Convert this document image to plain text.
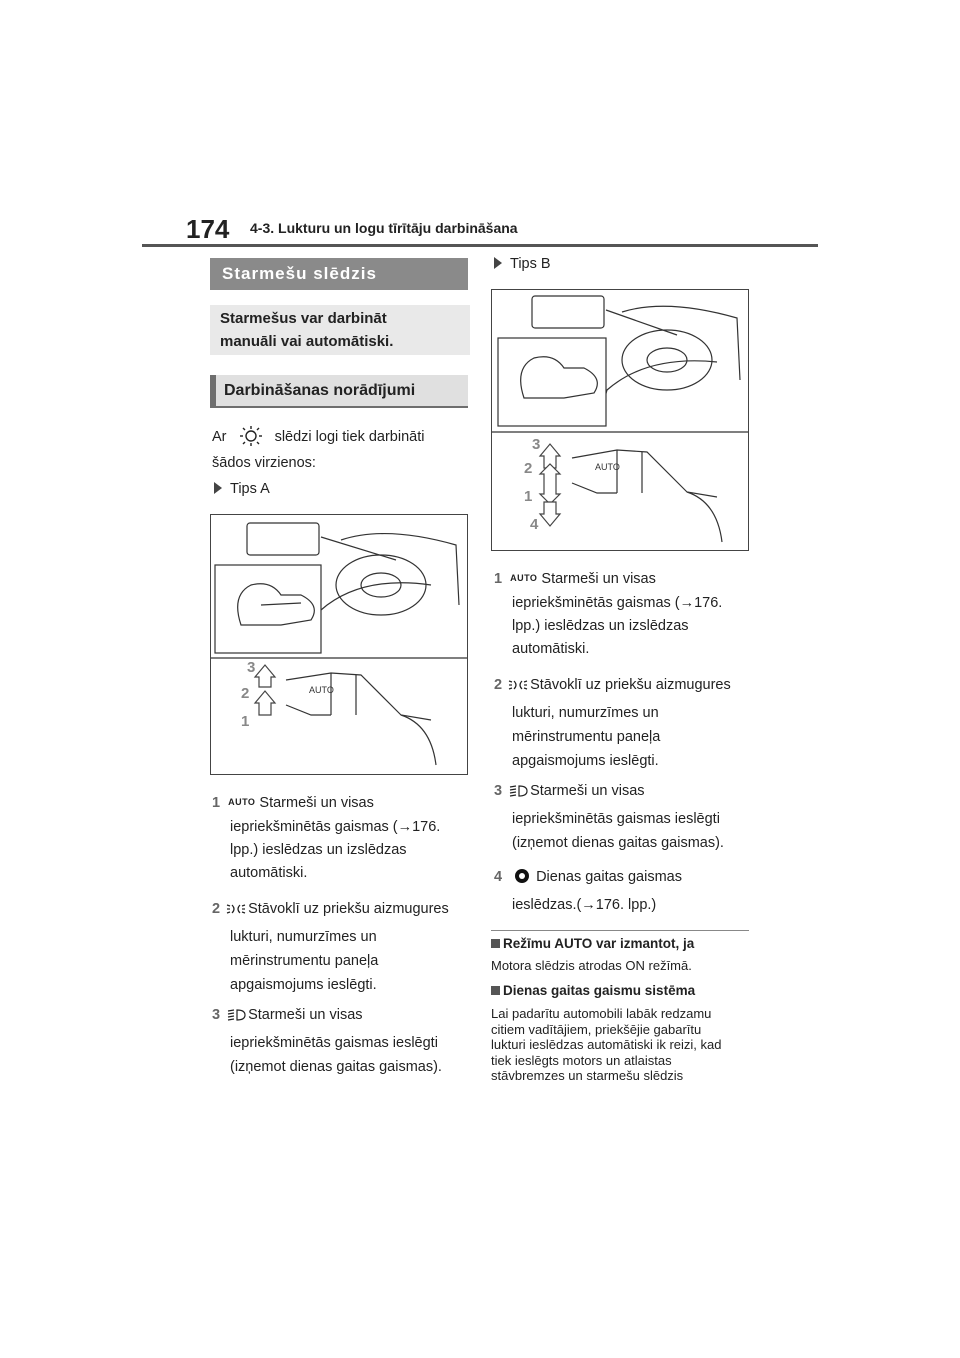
174 4-3. Lukturu un logu tīrītāju darbināšana
Starmešu slēdzis
Starmešus var darbināt
manuāli vai automātiski.
Darbināšanas norādījumi
Ar	slēdzi logi tiek darbināti
šādos virzienos:
Tips A
AUTO
3
2
1
1 AUTO Starmeši un visas
iepriekšminētās gaismas (→176.
lpp.) ieslēdzas un izslēdzas
automātiski.
2 Stāvoklī uz priekšu aizmugures
lukturi, numurzīmes un
mērinstrumentu paneļa
apgaismojums ieslēgti.
3 Starmeši un visas
iepriekšminētās gaismas ieslēgti
(izņemot dienas gaitas gaismas).
Tips B
AUTO
3
2
1
4
1 AUTO Starmeši un visas
iepriekšminētās gaismas (→176.
lpp.) ieslēdzas un izslēdzas
automātiski.
2 Stāvoklī uz priekšu aizmugures
lukturi, numurzīmes un
mērinstrumentu paneļa
apgaismojums ieslēgti.
3 Starmeši un visas
iepriekšminētās gaismas ieslēgti
(izņemot dienas gaitas gaismas).
4 Dienas gaitas gaismas
ieslēdzas.(→176. lpp.)
Režīmu AUTO var izmantot, ja
Motora slēdzis atrodas ON režīmā.
Dienas gaitas gaismu sistēma
Lai padarītu automobili labāk redzamu
citiem vadītājiem, priekšējie gabarītu
lukturi ieslēdzas automātiski ik reizi, kad
tiek ieslēgts motors un atlaistas
stāvbremzes un starmešu slēdzis
